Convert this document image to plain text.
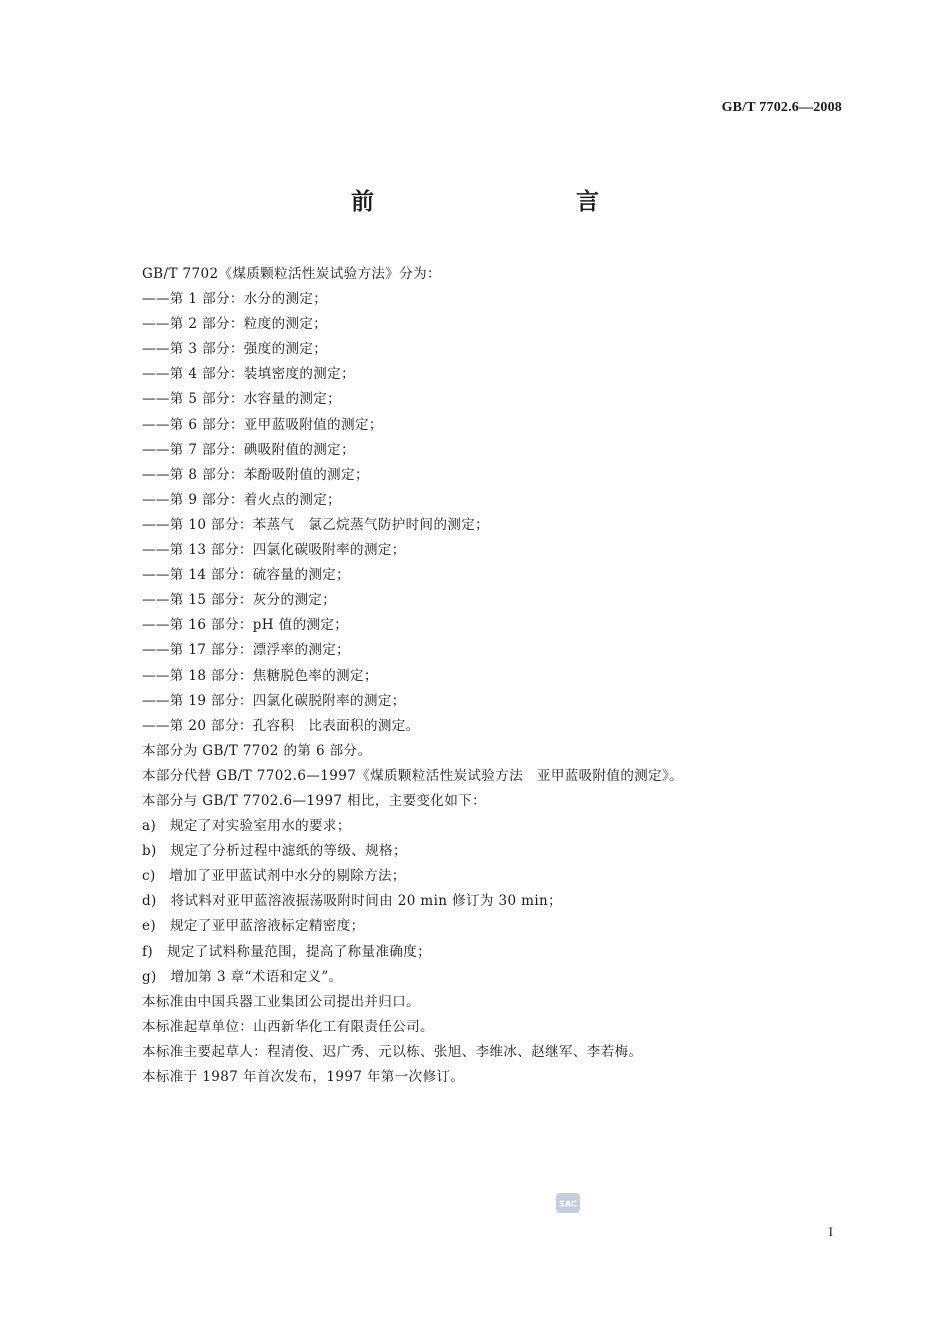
GB/T 7702.6—2008
前　　言
GB/T 7702《煤质颗粒活性炭试验方法》分为：
——第 1 部分：水分的测定；
——第 2 部分：粒度的测定；
——第 3 部分：强度的测定；
——第 4 部分：装填密度的测定；
——第 5 部分：水容量的测定；
——第 6 部分：亚甲蓝吸附值的测定；
——第 7 部分：碘吸附值的测定；
——第 8 部分：苯酚吸附值的测定；
——第 9 部分：着火点的测定；
——第 10 部分：苯蒸气　氯乙烷蒸气防护时间的测定；
——第 13 部分：四氯化碳吸附率的测定；
——第 14 部分：硫容量的测定；
——第 15 部分：灰分的测定；
——第 16 部分：pH 值的测定；
——第 17 部分：漂浮率的测定；
——第 18 部分：焦糖脱色率的测定；
——第 19 部分：四氯化碳脱附率的测定；
——第 20 部分：孔容积　比表面积的测定。
本部分为 GB/T 7702 的第 6 部分。
本部分代替 GB/T 7702.6—1997《煤质颗粒活性炭试验方法　亚甲蓝吸附值的测定》。
本部分与 GB/T 7702.6—1997 相比，主要变化如下：
a)　规定了对实验室用水的要求；
b)　规定了分析过程中滤纸的等级、规格；
c)　增加了亚甲蓝试剂中水分的剔除方法；
d)　将试料对亚甲蓝溶液振荡吸附时间由 20 min 修订为 30 min；
e)　规定了亚甲蓝溶液标定精密度；
f)　规定了试料称量范围，提高了称量准确度；
g)　增加第 3 章“术语和定义”。
本标准由中国兵器工业集团公司提出并归口。
本标准起草单位：山西新华化工有限责任公司。
本标准主要起草人：程清俊、迟广秀、元以栋、张旭、李维冰、赵继军、李若梅。
本标准于 1987 年首次发布，1997 年第一次修订。
SAC
I
